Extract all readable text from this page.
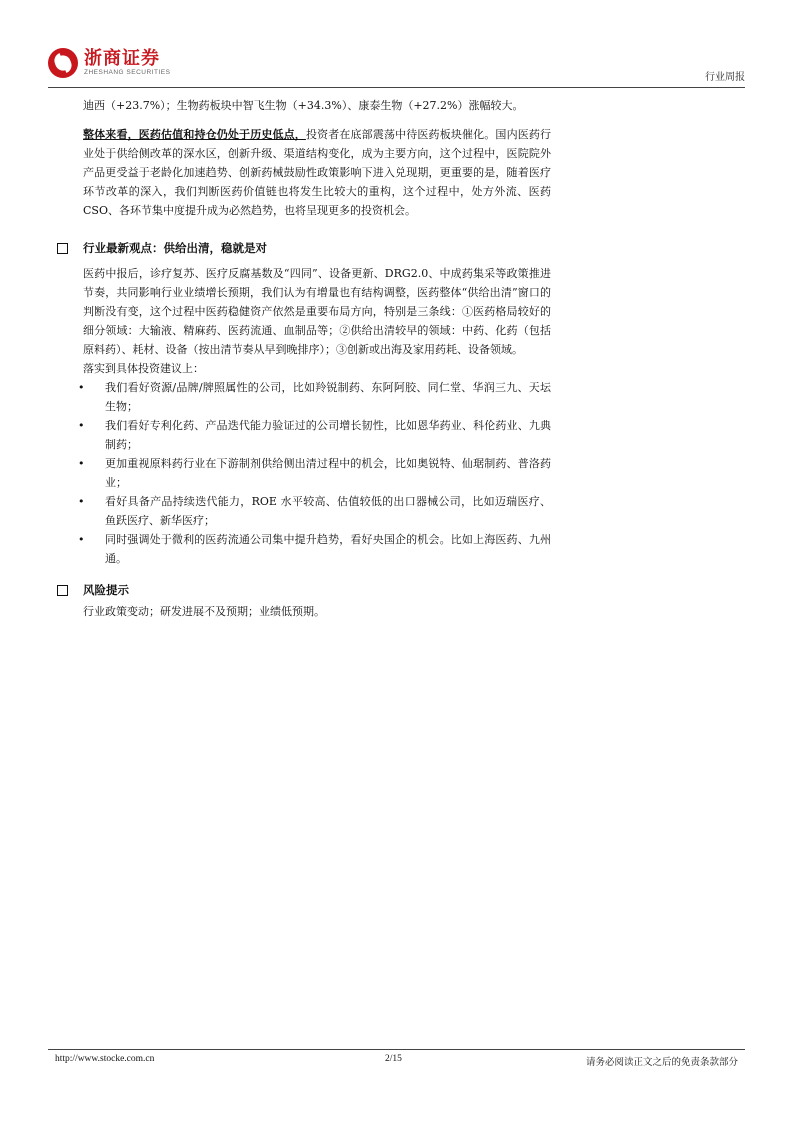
浙商证券
ZHESHANG SECURITIES	行业周报

迪西（+23.7%）；生物药板块中智飞生物（+34.3%）、康泰生物（+27.2%）涨幅较大。

整体来看，医药估值和持仓仍处于历史低点，投资者在底部震荡中待医药板块催化。国内医药行业处于供给侧改革的深水区，创新升级、渠道结构变化，成为主要方向，这个过程中，医院院外产品更受益于老龄化加速趋势、创新药械鼓励性政策影响下进入兑现期，更重要的是，随着医疗环节改革的深入，我们判断医药价值链也将发生比较大的重构，这个过程中，处方外流、医药CSO、各环节集中度提升成为必然趋势，也将呈现更多的投资机会。

行业最新观点：供给出清，稳就是对

医药中报后，诊疗复苏、医疗反腐基数及“四同”、设备更新、DRG2.0、中成药集采等政策推进节奏，共同影响行业业绩增长预期，我们认为有增量也有结构调整，医药整体“供给出清”窗口的判断没有变，这个过程中医药稳健资产依然是重要布局方向，特别是三条线：①医药格局较好的细分领域：大输液、精麻药、医药流通、血制品等；②供给出清较早的领域：中药、化药（包括原料药）、耗材、设备（按出清节奏从早到晚排序）；③创新或出海及家用药耗、设备领域。

落实到具体投资建议上：

• 我们看好资源/品牌/牌照属性的公司，比如羚锐制药、东阿阿胶、同仁堂、华润三九、天坛生物；
• 我们看好专利化药、产品迭代能力验证过的公司增长韧性，比如恩华药业、科伦药业、九典制药；
• 更加重视原料药行业在下游制剂供给侧出清过程中的机会，比如奥锐特、仙琚制药、普洛药业；
• 看好具备产品持续迭代能力，ROE 水平较高、估值较低的出口器械公司，比如迈瑞医疗、鱼跃医疗、新华医疗；
• 同时强调处于微利的医药流通公司集中提升趋势，看好央国企的机会。比如上海医药、九州通。
风险提示

行业政策变动；研发进展不及预期；业绩低预期。

http://www.stocke.com.cn	2/15	请务必阅读正文之后的免责条款部分
